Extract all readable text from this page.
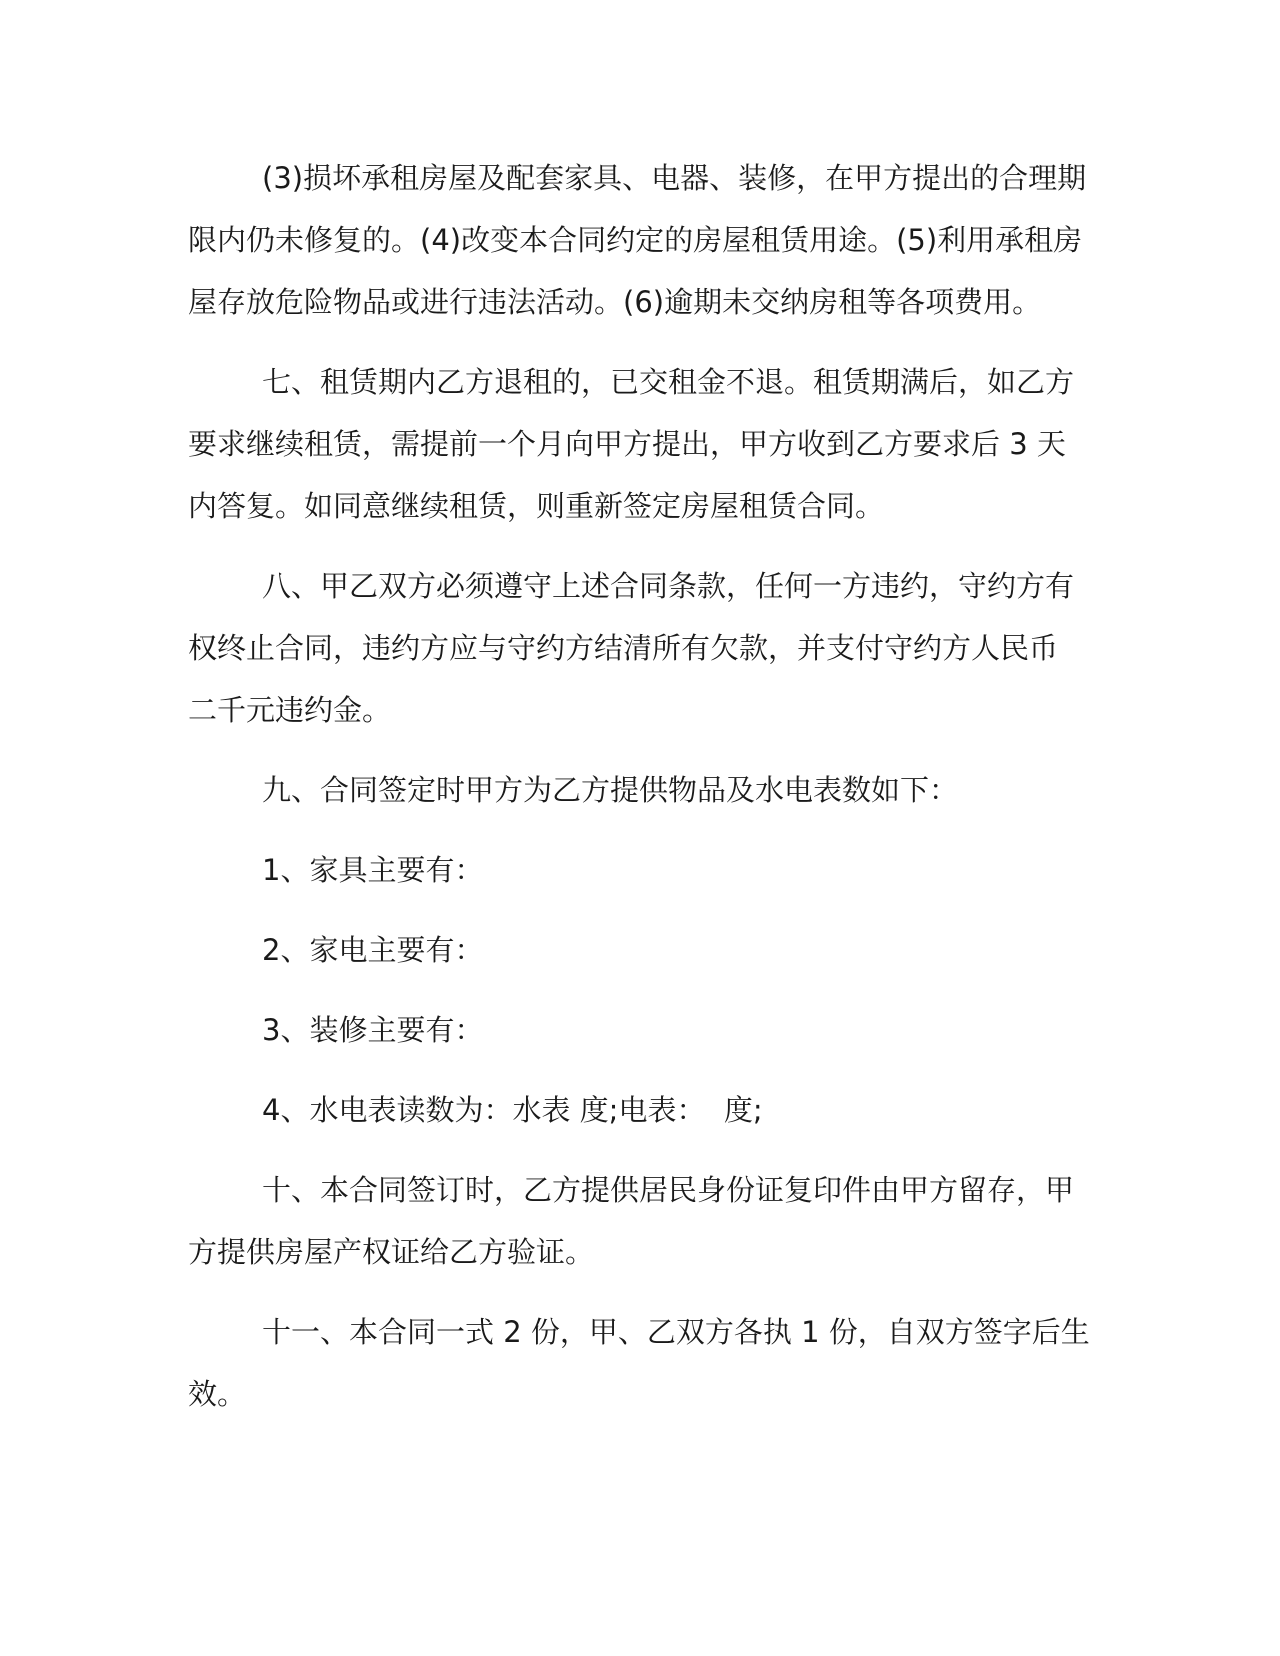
(3)损坏承租房屋及配套家具、电器、装修，在甲方提出的合理期
限内仍未修复的。(4)改变本合同约定的房屋租赁用途。(5)利用承租房
屋存放危险物品或进行违法活动。(6)逾期未交纳房租等各项费用。
七、租赁期内乙方退租的，已交租金不退。租赁期满后，如乙方
要求继续租赁，需提前一个月向甲方提出，甲方收到乙方要求后 3 天
内答复。如同意继续租赁，则重新签定房屋租赁合同。
八、甲乙双方必须遵守上述合同条款，任何一方违约，守约方有
权终止合同，违约方应与守约方结清所有欠款，并支付守约方人民币
二千元违约金。
九、合同签定时甲方为乙方提供物品及水电表数如下：
1、家具主要有：
2、家电主要有：
3、装修主要有：
4、水电表读数为：水表 度;电表：  度;
十、本合同签订时，乙方提供居民身份证复印件由甲方留存，甲
方提供房屋产权证给乙方验证。
十一、本合同一式 2 份，甲、乙双方各执 1 份，自双方签字后生
效。
